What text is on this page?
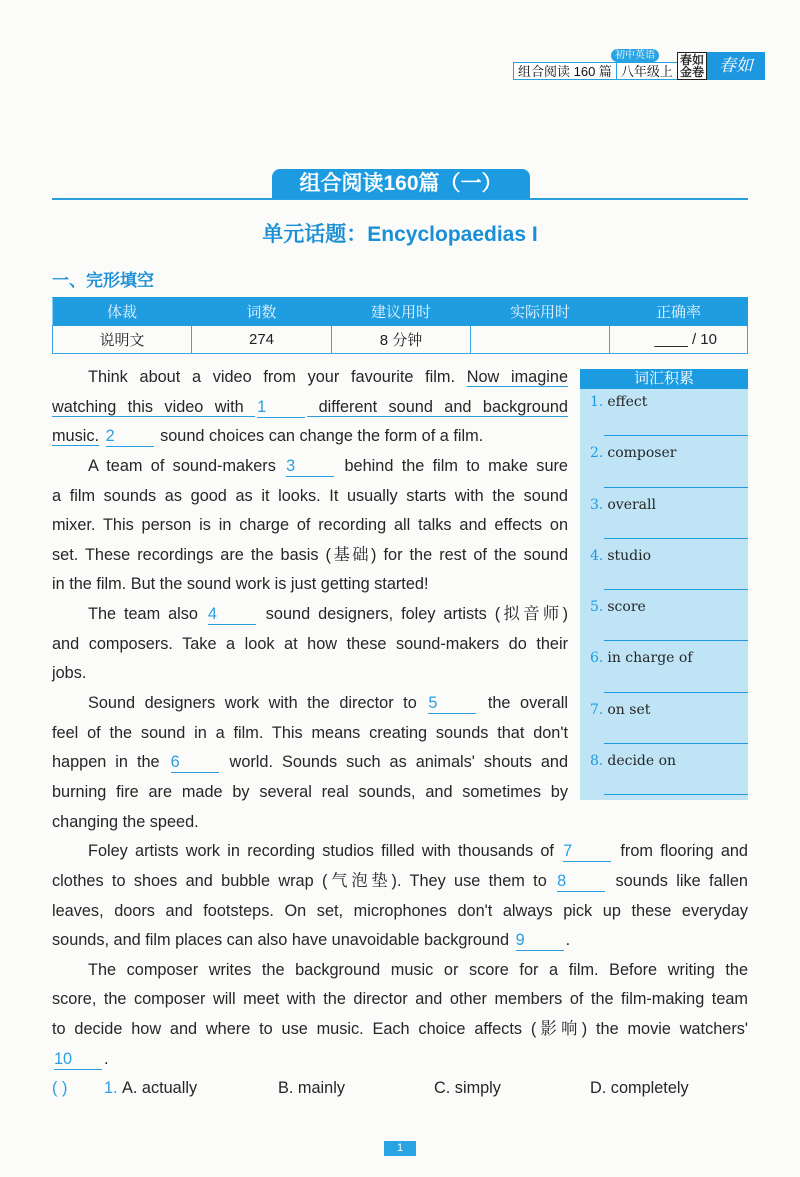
初中英语
组合阅读 160 篇 八年级上
春如金卷 春如
组合阅读160篇（一）
单元话题：Encyclopaedias I
一、完形填空
体裁	词数	建议用时	实际用时	正确率
说明文	274	8 分钟		____ / 10
Think about a video from your favourite film. Now imagine
watching this video with 1	different sound and background
music. 2	sound choices can change the form of a film.
A team of sound-makers 3	behind the film to make sure
a film sounds as good as it looks. It usually starts with the sound
mixer. This person is in charge of recording all talks and effects on
set. These recordings are the basis (基础) for the rest of the sound
in the film. But the sound work is just getting started!
The team also 4	sound designers, foley artists (拟音师)
and composers. Take a look at how these sound-makers do their
jobs.
Sound designers work with the director to 5	the overall
feel of the sound in a film. This means creating sounds that don't
happen in the 6	world. Sounds such as animals' shouts and
burning fire are made by several real sounds, and sometimes by
changing the speed.
Foley artists work in recording studios filled with thousands of 7	from flooring and
clothes to shoes and bubble wrap (气泡垫). They use them to 8	sounds like fallen
leaves, doors and footsteps. On set, microphones don't always pick up these everyday
sounds, and film places can also have unavoidable background 9	.
The composer writes the background music or score for a film. Before writing the
score, the composer will meet with the director and other members of the film-making team
to decide how and where to use music. Each choice affects (影响) the movie watchers'
10 .
词汇积累
1. effect
2. composer
3. overall
4. studio
5. score
6. in charge of
7. on set
8. decide on
( ) 1. A. actually	B. mainly	C. simply	D. completely
1
